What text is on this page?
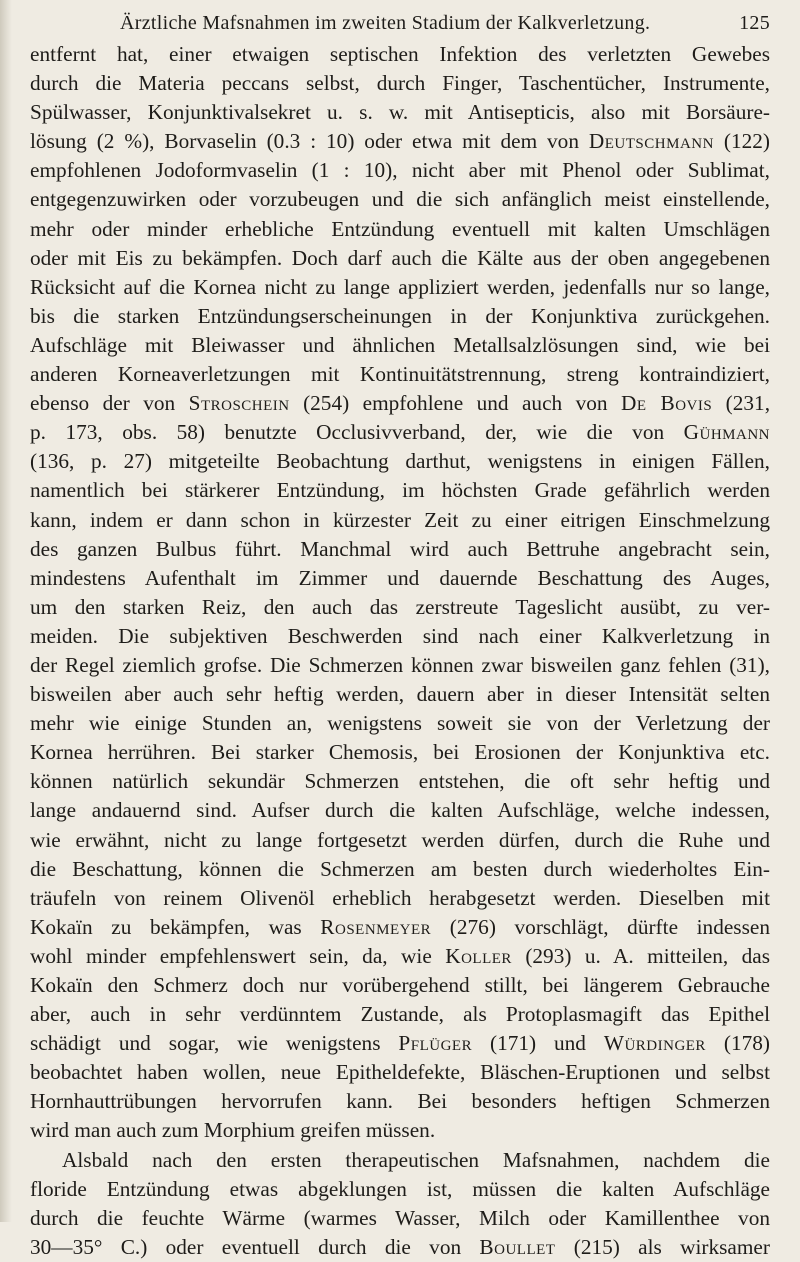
Ärztliche Mafsnahmen im zweiten Stadium der Kalkverletzung.	125

entfernt hat, einer etwaigen septischen Infektion des verletzten Gewebes
durch die Materia peccans selbst, durch Finger, Taschentücher, Instrumente,
Spülwasser, Konjunktivalsekret u. s. w. mit Antisepticis, also mit Borsäure-
lösung (2 %), Borvaselin (0.3 : 10) oder etwa mit dem von Deutschmann (122)
empfohlenen Jodoformvaselin (1 : 10), nicht aber mit Phenol oder Sublimat,
entgegenzuwirken oder vorzubeugen und die sich anfänglich meist einstellende,
mehr oder minder erhebliche Entzündung eventuell mit kalten Umschlägen
oder mit Eis zu bekämpfen. Doch darf auch die Kälte aus der oben angegebenen
Rücksicht auf die Kornea nicht zu lange appliziert werden, jedenfalls nur so lange,
bis die starken Entzündungserscheinungen in der Konjunktiva zurückgehen.
Aufschläge mit Bleiwasser und ähnlichen Metallsalzlösungen sind, wie bei
anderen Korneaverletzungen mit Kontinuitätstrennung, streng kontraindiziert,
ebenso der von Stroschein (254) empfohlene und auch von De Bovis (231,
p. 173, obs. 58) benutzte Occlusivverband, der, wie die von Gühmann
(136, p. 27) mitgeteilte Beobachtung darthut, wenigstens in einigen Fällen,
namentlich bei stärkerer Entzündung, im höchsten Grade gefährlich werden
kann, indem er dann schon in kürzester Zeit zu einer eitrigen Einschmelzung
des ganzen Bulbus führt. Manchmal wird auch Bettruhe angebracht sein,
mindestens Aufenthalt im Zimmer und dauernde Beschattung des Auges,
um den starken Reiz, den auch das zerstreute Tageslicht ausübt, zu ver-
meiden. Die subjektiven Beschwerden sind nach einer Kalkverletzung in
der Regel ziemlich grofse. Die Schmerzen können zwar bisweilen ganz fehlen (31),
bisweilen aber auch sehr heftig werden, dauern aber in dieser Intensität selten
mehr wie einige Stunden an, wenigstens soweit sie von der Verletzung der
Kornea herrühren. Bei starker Chemosis, bei Erosionen der Konjunktiva etc.
können natürlich sekundär Schmerzen entstehen, die oft sehr heftig und
lange andauernd sind. Aufser durch die kalten Aufschläge, welche indessen,
wie erwähnt, nicht zu lange fortgesetzt werden dürfen, durch die Ruhe und
die Beschattung, können die Schmerzen am besten durch wiederholtes Ein-
träufeln von reinem Olivenöl erheblich herabgesetzt werden. Dieselben mit
Kokaïn zu bekämpfen, was Rosenmeyer (276) vorschlägt, dürfte indessen
wohl minder empfehlenswert sein, da, wie Koller (293) u. A. mitteilen, das
Kokaïn den Schmerz doch nur vorübergehend stillt, bei längerem Gebrauche
aber, auch in sehr verdünntem Zustande, als Protoplasmagift das Epithel
schädigt und sogar, wie wenigstens Pflüger (171) und Würdinger (178)
beobachtet haben wollen, neue Epitheldefekte, Bläschen-Eruptionen und selbst
Hornhauttrübungen hervorrufen kann. Bei besonders heftigen Schmerzen
wird man auch zum Morphium greifen müssen.

Alsbald nach den ersten therapeutischen Mafsnahmen, nachdem die
floride Entzündung etwas abgeklungen ist, müssen die kalten Aufschläge
durch die feuchte Wärme (warmes Wasser, Milch oder Kamillenthee von
30—35° C.) oder eventuell durch die von Boullet (215) als wirksamer
